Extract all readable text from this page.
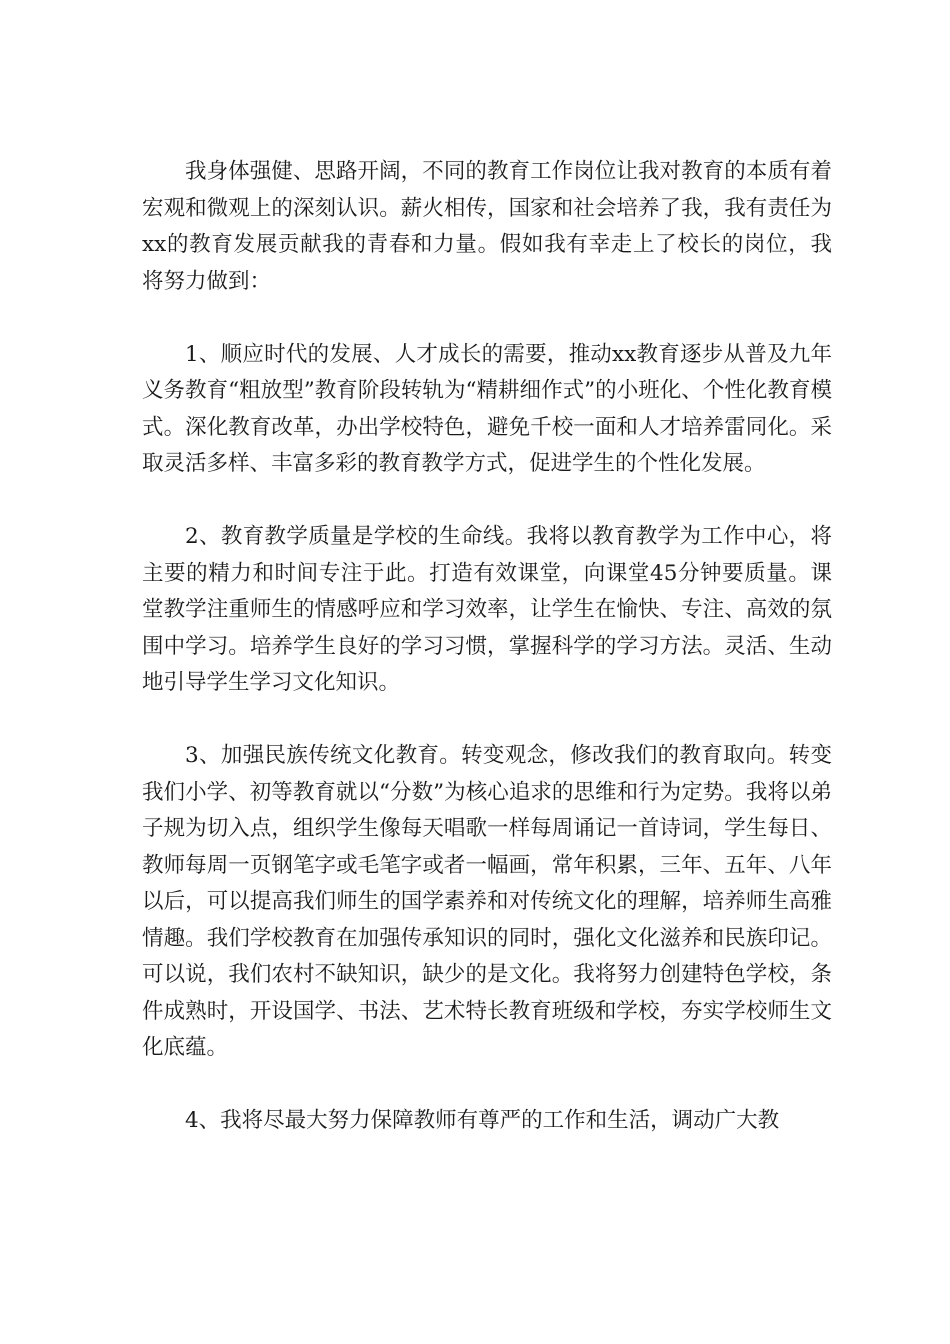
我身体强健、思路开阔，不同的教育工作岗位让我对教育的本质有着宏观和微观上的深刻认识。薪火相传，国家和社会培养了我，我有责任为xx的教育发展贡献我的青春和力量。假如我有幸走上了校长的岗位，我将努力做到：

1、顺应时代的发展、人才成长的需要，推动xx教育逐步从普及九年义务教育“粗放型”教育阶段转轨为“精耕细作式”的小班化、个性化教育模式。深化教育改革，办出学校特色，避免千校一面和人才培养雷同化。采取灵活多样、丰富多彩的教育教学方式，促进学生的个性化发展。

2、教育教学质量是学校的生命线。我将以教育教学为工作中心，将主要的精力和时间专注于此。打造有效课堂，向课堂45分钟要质量。课堂教学注重师生的情感呼应和学习效率，让学生在愉快、专注、高效的氛围中学习。培养学生良好的学习习惯，掌握科学的学习方法。灵活、生动地引导学生学习文化知识。

3、加强民族传统文化教育。转变观念，修改我们的教育取向。转变我们小学、初等教育就以“分数”为核心追求的思维和行为定势。我将以弟子规为切入点，组织学生像每天唱歌一样每周诵记一首诗词，学生每日、教师每周一页钢笔字或毛笔字或者一幅画，常年积累，三年、五年、八年以后，可以提高我们师生的国学素养和对传统文化的理解，培养师生高雅情趣。我们学校教育在加强传承知识的同时，强化文化滋养和民族印记。可以说，我们农村不缺知识，缺少的是文化。我将努力创建特色学校，条件成熟时，开设国学、书法、艺术特长教育班级和学校，夯实学校师生文化底蕴。

4、我将尽最大努力保障教师有尊严的工作和生活，调动广大教
